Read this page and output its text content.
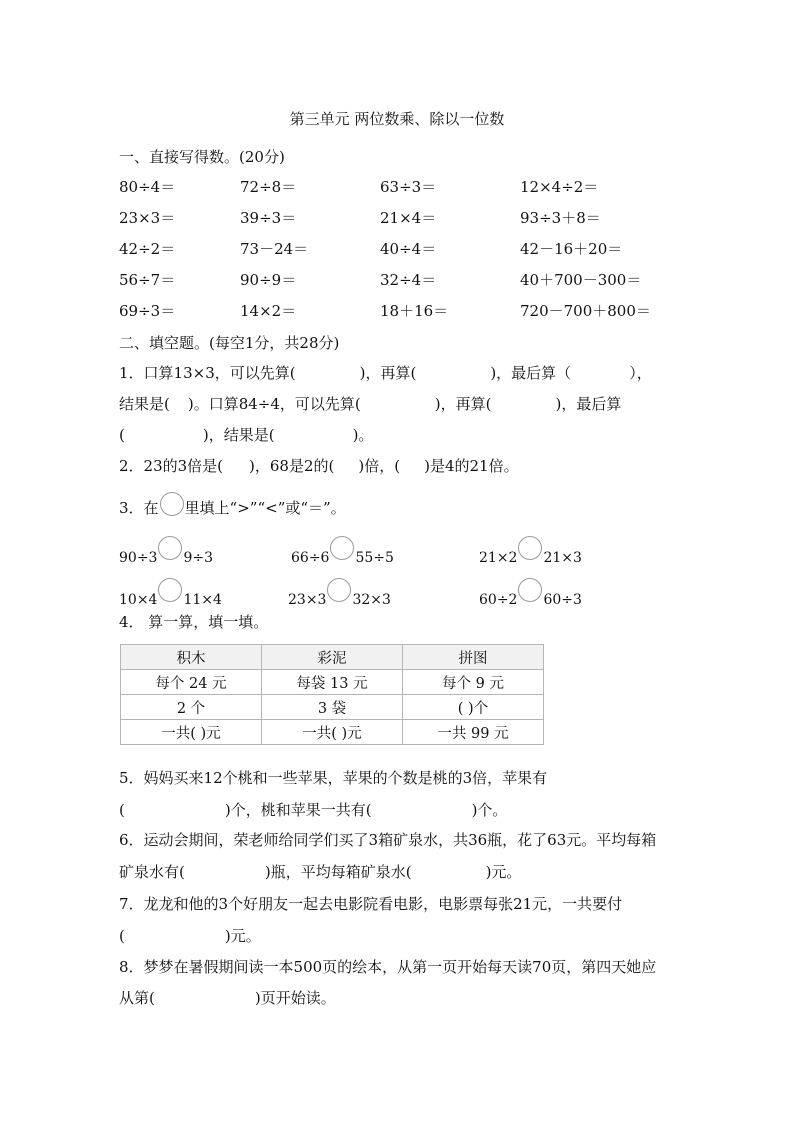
第三单元 两位数乘、除以一位数
一、直接写得数。(20分)
80÷4＝	72÷8＝	63÷3＝	12×4÷2＝
23×3＝	39÷3＝	21×4＝	93÷3＋8＝
42÷2＝	73－24＝	40÷4＝	42－16＋20＝
56÷7＝	90÷9＝	32÷4＝	40＋700－300＝
69÷3＝	14×2＝	18＋16＝	720－700＋800＝
二、填空题。(每空1分，共28分)
1．口算13×3，可以先算(	)，再算(	)，最后算（	），
结果是( )。口算84÷4，可以先算(	)，再算(	)，最后算
(	)，结果是(	)。
2．23的3倍是( )，68是2的( )倍，( )是4的21倍。
3．在 里填上“>”“<”或“＝”。
90÷3 9÷3	66÷6 55÷5	21×2 21×3
10×4 11×4	23×3 32×3	60÷2 60÷3
4． 算一算，填一填。
积木	彩泥	拼图
每个 24 元	每袋 13 元	每个 9 元
2 个	3 袋	( )个
一共( )元	一共( )元	一共 99 元
5．妈妈买来12个桃和一些苹果，苹果的个数是桃的3倍，苹果有
(	)个，桃和苹果一共有(	)个。
6．运动会期间，荣老师给同学们买了3箱矿泉水，共36瓶，花了63元。平均每箱
矿泉水有(	)瓶，平均每箱矿泉水(	)元。
7．龙龙和他的3个好朋友一起去电影院看电影，电影票每张21元，一共要付
(	)元。
8．梦梦在暑假期间读一本500页的绘本，从第一页开始每天读70页，第四天她应
从第(	)页开始读。
